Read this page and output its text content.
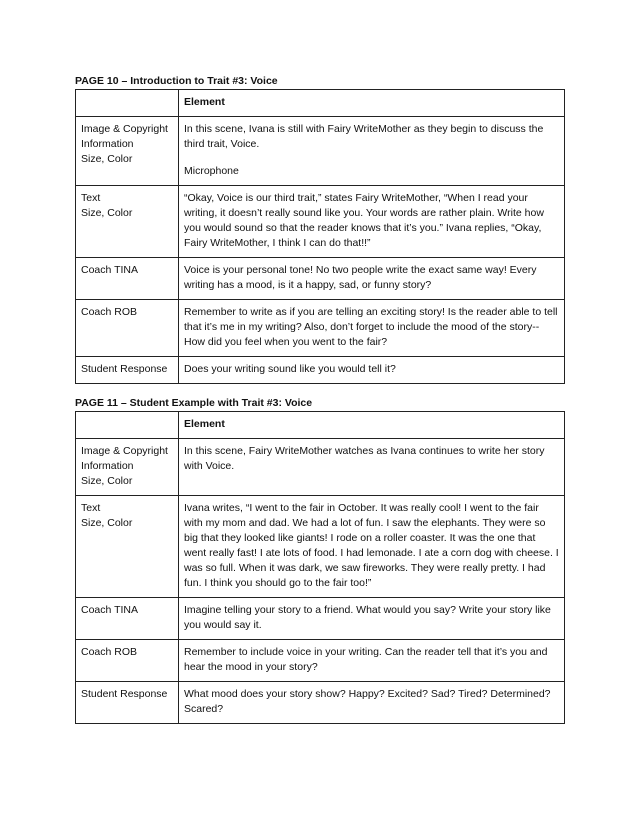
PAGE 10 – Introduction to Trait #3: Voice
	Element

Image & Copyright
Information
Size, Color	In this scene, Ivana is still with Fairy WriteMother as they begin to discuss the third trait, Voice.
Microphone

Text
Size, Color	“Okay, Voice is our third trait,” states Fairy WriteMother, “When I read your writing, it doesn’t really sound like you. Your words are rather plain. Write how you would sound so that the reader knows that it’s you.” Ivana replies, “Okay, Fairy WriteMother, I think I can do that!!”
Coach TINA	Voice is your personal tone! No two people write the exact same way! Every writing has a mood, is it a happy, sad, or funny story?
Coach ROB	Remember to write as if you are telling an exciting story! Is the reader able to tell that it’s me in my writing? Also, don’t forget to include the mood of the story--How did you feel when you went to the fair?
Student Response	Does your writing sound like you would tell it?
PAGE 11 – Student Example with Trait #3: Voice
	Element

Image & Copyright
Information
Size, Color	In this scene, Fairy WriteMother watches as Ivana continues to write her story with Voice.

Text
Size, Color	Ivana writes, “I went to the fair in October. It was really cool! I went to the fair with my mom and dad. We had a lot of fun. I saw the elephants. They were so big that they looked like giants! I rode on a roller coaster. It was the one that went really fast! I ate lots of food. I had lemonade. I ate a corn dog with cheese. I was so full. When it was dark, we saw fireworks. They were really pretty. I had fun. I think you should go to the fair too!”
Coach TINA	Imagine telling your story to a friend. What would you say? Write your story like you would say it.
Coach ROB	Remember to include voice in your writing. Can the reader tell that it’s you and hear the mood in your story?
Student Response	What mood does your story show? Happy? Excited? Sad? Tired? Determined? Scared?
